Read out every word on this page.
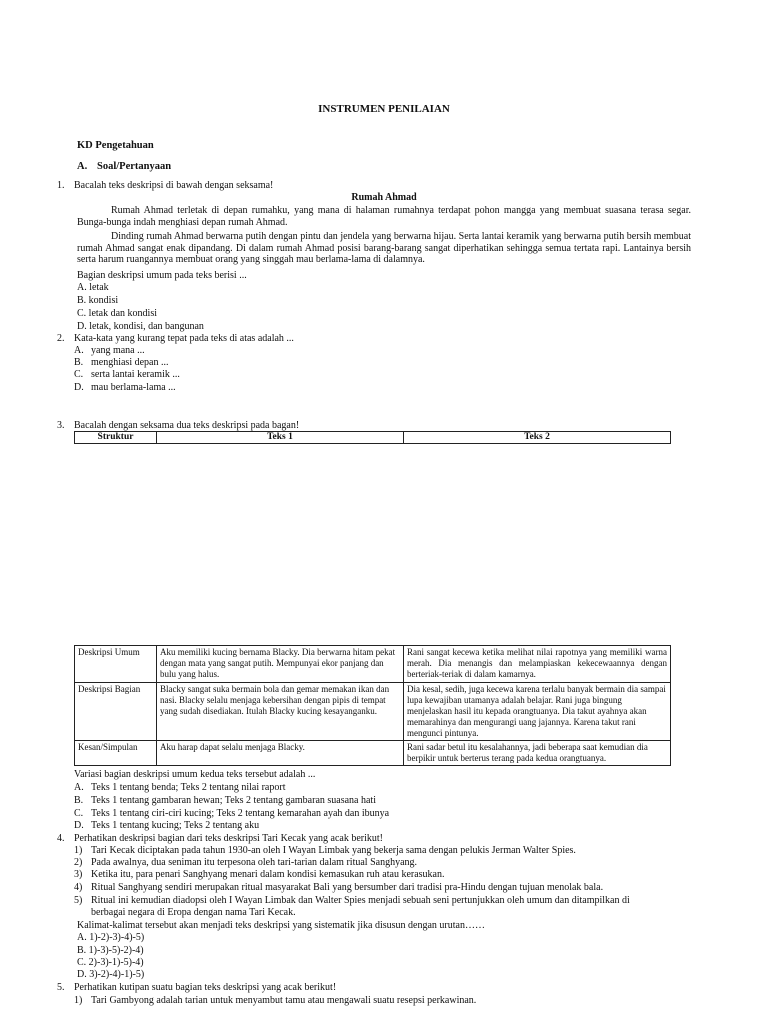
INSTRUMEN PENILAIAN
KD Pengetahuan
A. Soal/Pertanyaan
1. Bacalah teks deskripsi di bawah dengan seksama!
Rumah Ahmad
Rumah Ahmad terletak di depan rumahku, yang mana di halaman rumahnya terdapat pohon mangga yang membuat suasana terasa segar. Bunga-bunga indah menghiasi depan rumah Ahmad.
Dinding rumah Ahmad berwarna putih dengan pintu dan jendela yang berwarna hijau. Serta lantai keramik yang berwarna putih bersih membuat rumah Ahmad sangat enak dipandang. Di dalam rumah Ahmad posisi barang-barang sangat diperhatikan sehingga semua tertata rapi. Lantainya bersih serta harum ruangannya membuat orang yang singgah mau berlama-lama di dalamnya.
Bagian deskripsi umum pada teks berisi ...
A. letak
B. kondisi
C. letak dan kondisi
D. letak, kondisi, dan bangunan
2. Kata-kata yang kurang tepat pada teks di atas adalah ...
A. yang mana ...
B. menghiasi depan ...
C. serta lantai keramik ...
D. mau berlama-lama ...
3. Bacalah dengan seksama dua teks deskripsi pada bagan!
Struktur	Teks 1	Teks 2
Deskripsi Umum	Aku memiliki kucing bernama Blacky. Dia berwarna hitam pekat dengan mata yang sangat putih. Mempunyai ekor panjang dan bulu yang halus.	Rani sangat kecewa ketika melihat nilai rapotnya yang memiliki warna merah. Dia menangis dan melampiaskan kekecewaannya dengan berteriak-teriak di dalam kamarnya.
Deskripsi Bagian	Blacky sangat suka bermain bola dan gemar memakan ikan dan nasi. Blacky selalu menjaga kebersihan dengan pipis di tempat yang sudah disediakan. Itulah Blacky kucing kesayanganku.	Dia kesal, sedih, juga kecewa karena terlalu banyak bermain dia sampai lupa kewajiban utamanya adalah belajar. Rani juga bingung menjelaskan hasil itu kepada orangtuanya. Dia takut ayahnya akan memarahinya dan mengurangi uang jajannya. Karena takut rani mengunci pintunya.
Kesan/Simpulan	Aku harap dapat selalu menjaga Blacky.	Rani sadar betul itu kesalahannya, jadi beberapa saat kemudian dia berpikir untuk berterus terang pada kedua orangtuanya.
Variasi bagian deskripsi umum kedua teks tersebut adalah ...
A. Teks 1 tentang benda; Teks 2 tentang nilai raport
B. Teks 1 tentang gambaran hewan; Teks 2 tentang gambaran suasana hati
C. Teks 1 tentang ciri-ciri kucing; Teks 2 tentang kemarahan ayah dan ibunya
D. Teks 1 tentang kucing; Teks 2 tentang aku
4. Perhatikan deskripsi bagian dari teks deskripsi Tari Kecak yang acak berikut!
1) Tari Kecak diciptakan pada tahun 1930-an oleh I Wayan Limbak yang bekerja sama dengan pelukis Jerman Walter Spies.
2) Pada awalnya, dua seniman itu terpesona oleh tari-tarian dalam ritual Sanghyang.
3) Ketika itu, para penari Sanghyang menari dalam kondisi kemasukan ruh atau kerasukan.
4) Ritual Sanghyang sendiri merupakan ritual masyarakat Bali yang bersumber dari tradisi pra-Hindu dengan tujuan menolak bala.
5) Ritual ini kemudian diadopsi oleh I Wayan Limbak dan Walter Spies menjadi sebuah seni pertunjukkan oleh umum dan ditampilkan di
berbagai negara di Eropa dengan nama Tari Kecak.
Kalimat-kalimat tersebut akan menjadi teks deskripsi yang sistematik jika disusun dengan urutan……
A. 1)-2)-3)-4)-5)
B. 1)-3)-5)-2)-4)
C. 2)-3)-1)-5)-4)
D. 3)-2)-4)-1)-5)
5. Perhatikan kutipan suatu bagian teks deskripsi yang acak berikut!
1) Tari Gambyong adalah tarian untuk menyambut tamu atau mengawali suatu resepsi perkawinan.
